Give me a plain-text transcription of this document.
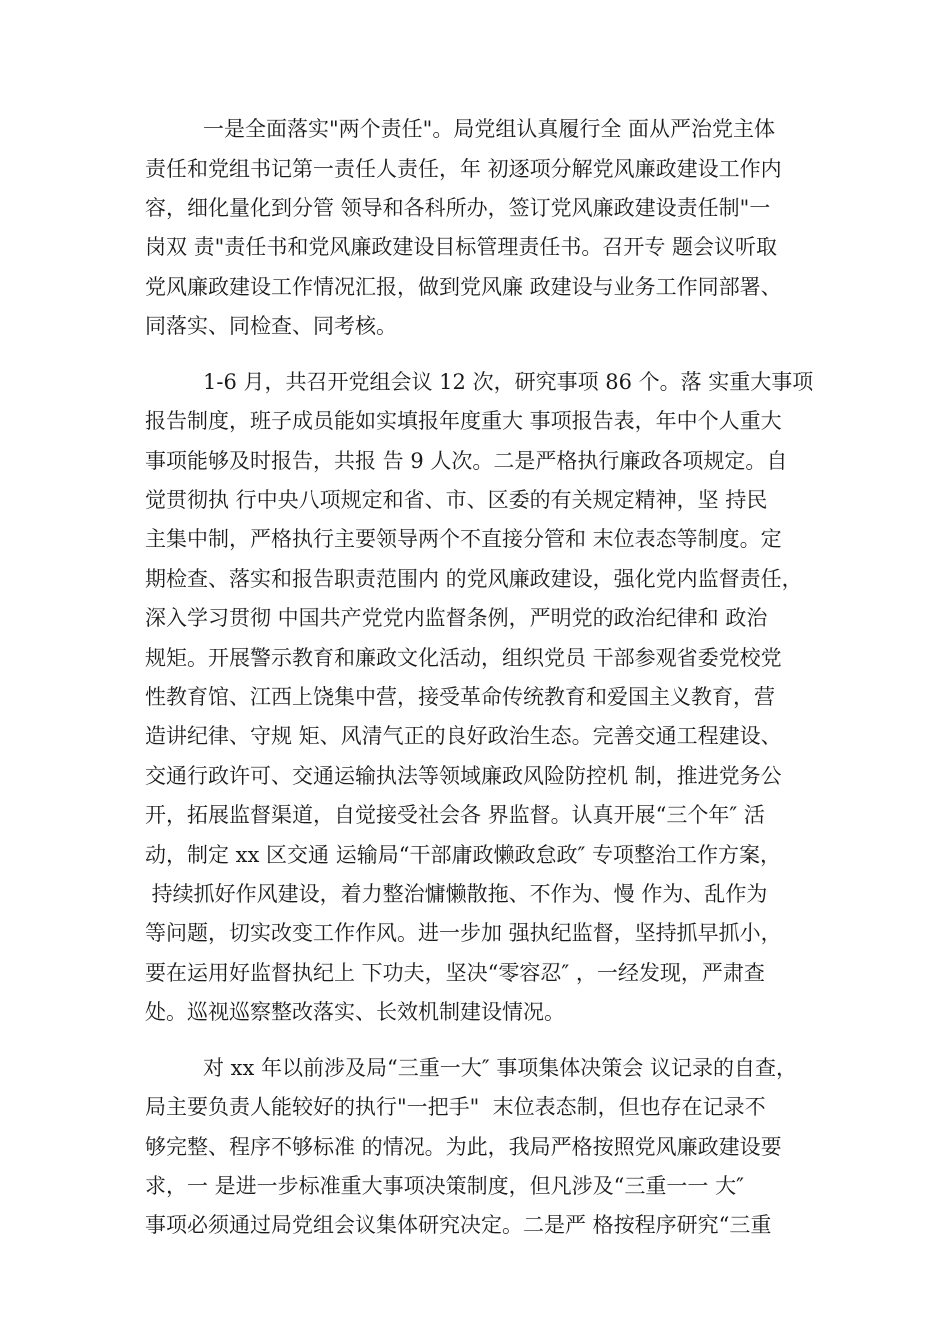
一是全面落实"两个责任"。局党组认真履行全 面从严治党主体
责任和党组书记第一责任人责任，年 初逐项分解党风廉政建设工作内
容，细化量化到分管 领导和各科所办，签订党风廉政建设责任制"一
岗双 责"责任书和党风廉政建设目标管理责任书。召开专 题会议听取
党风廉政建设工作情况汇报，做到党风廉 政建设与业务工作同部署、
同落实、同检查、同考核。
1-6 月，共召开党组会议 12 次，研究事项 86 个。落 实重大事项
报告制度，班子成员能如实填报年度重大 事项报告表，年中个人重大
事项能够及时报告，共报 告 9 人次。二是严格执行廉政各项规定。自
觉贯彻执 行中央八项规定和省、市、区委的有关规定精神，坚 持民
主集中制，严格执行主要领导两个不直接分管和 末位表态等制度。定
期检查、落实和报告职责范围内 的党风廉政建设，强化党内监督责任，
深入学习贯彻 中国共产党党内监督条例，严明党的政治纪律和 政治
规矩。开展警示教育和廉政文化活动，组织党员 干部参观省委党校党
性教育馆、江西上饶集中营，接受革命传统教育和爱国主义教育，营
造讲纪律、守规 矩、风清气正的良好政治生态。完善交通工程建设、
交通行政许可、交通运输执法等领域廉政风险防控机 制，推进党务公
开，拓展监督渠道，自觉接受社会各 界监督。认真开展“三个年″ 活
动，制定 xx 区交通 运输局“干部庸政懒政怠政″ 专项整治工作方案，
持续抓好作风建设，着力整治慵懒散拖、不作为、慢 作为、乱作为
等问题，切实改变工作作风。进一步加 强执纪监督，坚持抓早抓小，
要在运用好监督执纪上 下功夫，坚决“零容忍″ ，一经发现，严肃查
处。巡视巡察整改落实、长效机制建设情况。
对 xx 年以前涉及局“三重一大″ 事项集体决策会 议记录的自查，
局主要负责人能较好的执行"一把手"  末位表态制，但也存在记录不
够完整、程序不够标准 的情况。为此，我局严格按照党风廉政建设要
求，一 是进一步标准重大事项决策制度，但凡涉及“三重一一 大″
事项必须通过局党组会议集体研究决定。二是严 格按程序研究“三重
